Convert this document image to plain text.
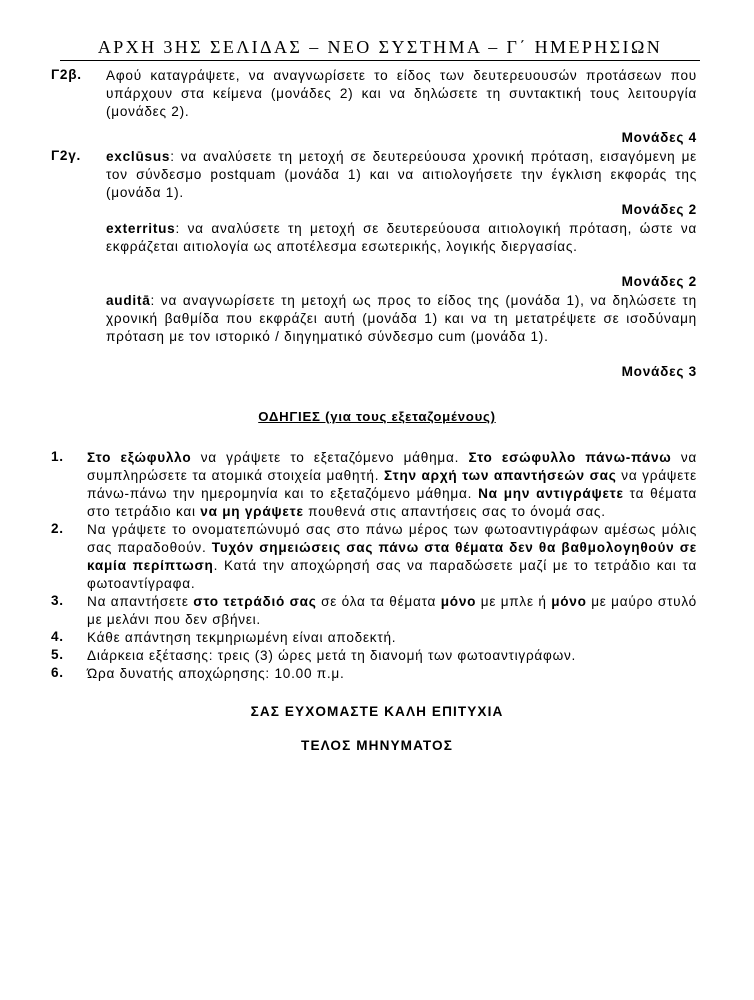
ΑΡΧΗ 3ΗΣ ΣΕΛΙΔΑΣ – ΝΕΟ ΣΥΣΤΗΜΑ – Γ΄ ΗΜΕΡΗΣΙΩΝ
Γ2β. Αφού καταγράψετε, να αναγνωρίσετε το είδος των δευτερευουσών προτάσεων που υπάρχουν στα κείμενα (μονάδες 2) και να δηλώσετε τη συντακτική τους λειτουργία (μονάδες 2).
Μονάδες 4
Γ2γ. exclūsus: να αναλύσετε τη μετοχή σε δευτερεύουσα χρονική πρόταση, εισαγόμενη με τον σύνδεσμο postquam (μονάδα 1) και να αιτιολογήσετε την έγκλιση εκφοράς της (μονάδα 1).
Μονάδες 2
exterritus: να αναλύσετε τη μετοχή σε δευτερεύουσα αιτιολογική πρόταση, ώστε να εκφράζεται αιτιολογία ως αποτέλεσμα εσωτερικής, λογικής διεργασίας.
Μονάδες 2
auditā: να αναγνωρίσετε τη μετοχή ως προς το είδος της (μονάδα 1), να δηλώσετε τη χρονική βαθμίδα που εκφράζει αυτή (μονάδα 1) και να τη μετατρέψετε σε ισοδύναμη πρόταση με τον ιστορικό / διηγηματικό σύνδεσμο cum (μονάδα 1).
Μονάδες 3
ΟΔΗΓΙΕΣ (για τους εξεταζομένους)
1. Στο εξώφυλλο να γράψετε το εξεταζόμενο μάθημα. Στο εσώφυλλο πάνω-πάνω να συμπληρώσετε τα ατομικά στοιχεία μαθητή. Στην αρχή των απαντήσεών σας να γράψετε πάνω-πάνω την ημερομηνία και το εξεταζόμενο μάθημα. Να μην αντιγράψετε τα θέματα στο τετράδιο και να μη γράψετε πουθενά στις απαντήσεις σας το όνομά σας.
2. Να γράψετε το ονοματεπώνυμό σας στο πάνω μέρος των φωτοαντιγράφων αμέσως μόλις σας παραδοθούν. Τυχόν σημειώσεις σας πάνω στα θέματα δεν θα βαθμολογηθούν σε καμία περίπτωση. Κατά την αποχώρησή σας να παραδώσετε μαζί με το τετράδιο και τα φωτοαντίγραφα.
3. Να απαντήσετε στο τετράδιό σας σε όλα τα θέματα μόνο με μπλε ή μόνο με μαύρο στυλό με μελάνι που δεν σβήνει.
4. Κάθε απάντηση τεκμηριωμένη είναι αποδεκτή.
5. Διάρκεια εξέτασης: τρεις (3) ώρες μετά τη διανομή των φωτοαντιγράφων.
6. Ώρα δυνατής αποχώρησης: 10.00 π.μ.
ΣΑΣ ΕΥΧΟΜΑΣΤΕ ΚΑΛΗ ΕΠΙΤΥΧΙΑ
ΤΕΛΟΣ ΜΗΝΥΜΑΤΟΣ
